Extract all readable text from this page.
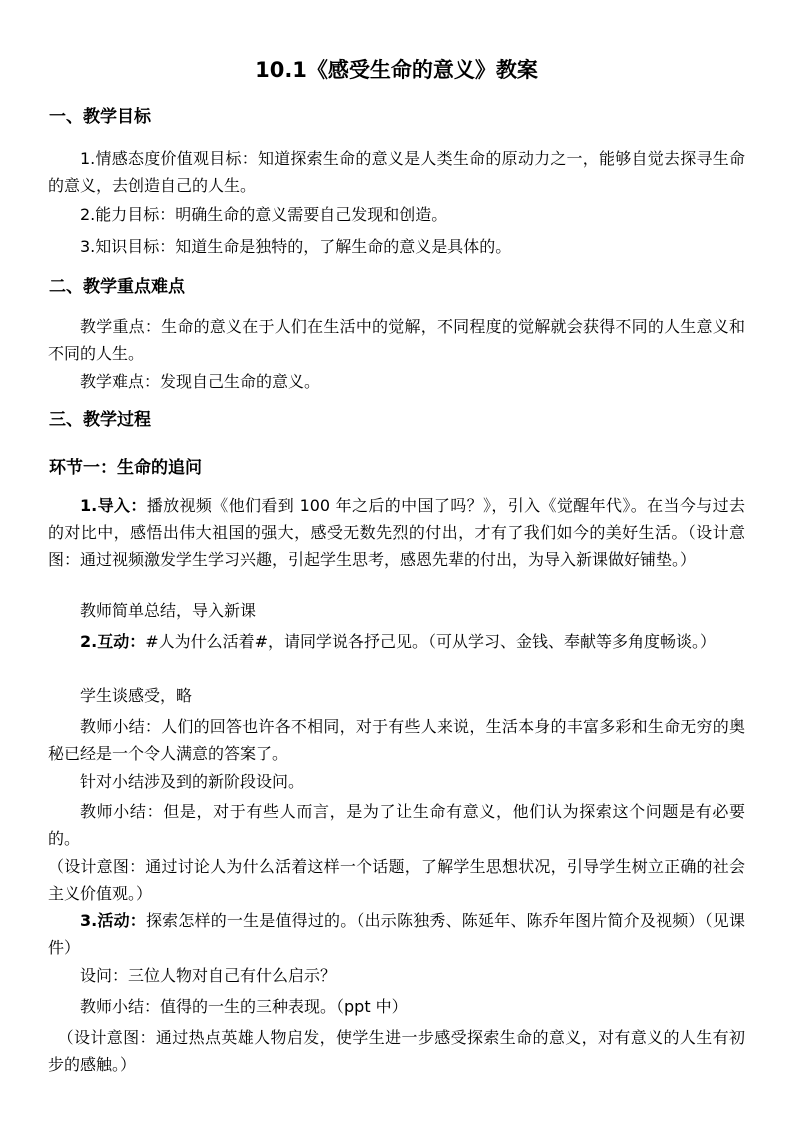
10.1《感受生命的意义》教案
一、教学目标
1.情感态度价值观目标：知道探索生命的意义是人类生命的原动力之一，能够自觉去探寻生命的意义，去创造自己的人生。
2.能力目标：明确生命的意义需要自己发现和创造。
3.知识目标：知道生命是独特的，了解生命的意义是具体的。
二、教学重点难点
教学重点：生命的意义在于人们在生活中的觉解，不同程度的觉解就会获得不同的人生意义和不同的人生。
教学难点：发现自己生命的意义。
三、教学过程
环节一：生命的追问
1.导入：播放视频《他们看到 100 年之后的中国了吗？》，引入《觉醒年代》。在当今与过去的对比中，感悟出伟大祖国的强大，感受无数先烈的付出，才有了我们如今的美好生活。（设计意图：通过视频激发学生学习兴趣，引起学生思考，感恩先辈的付出，为导入新课做好铺垫。）
教师简单总结，导入新课
2.互动：#人为什么活着#，请同学说各抒己见。（可从学习、金钱、奉献等多角度畅谈。）
学生谈感受，略
教师小结：人们的回答也许各不相同，对于有些人来说，生活本身的丰富多彩和生命无穷的奥秘已经是一个令人满意的答案了。
针对小结涉及到的新阶段设问。
教师小结：但是，对于有些人而言，是为了让生命有意义，他们认为探索这个问题是有必要的。
（设计意图：通过讨论人为什么活着这样一个话题，了解学生思想状况，引导学生树立正确的社会主义价值观。）
3.活动：探索怎样的一生是值得过的。（出示陈独秀、陈延年、陈乔年图片简介及视频）（见课件）
设问：三位人物对自己有什么启示？
教师小结：值得的一生的三种表现。（ppt 中）
（设计意图：通过热点英雄人物启发，使学生进一步感受探索生命的意义，对有意义的人生有初步的感触。）
